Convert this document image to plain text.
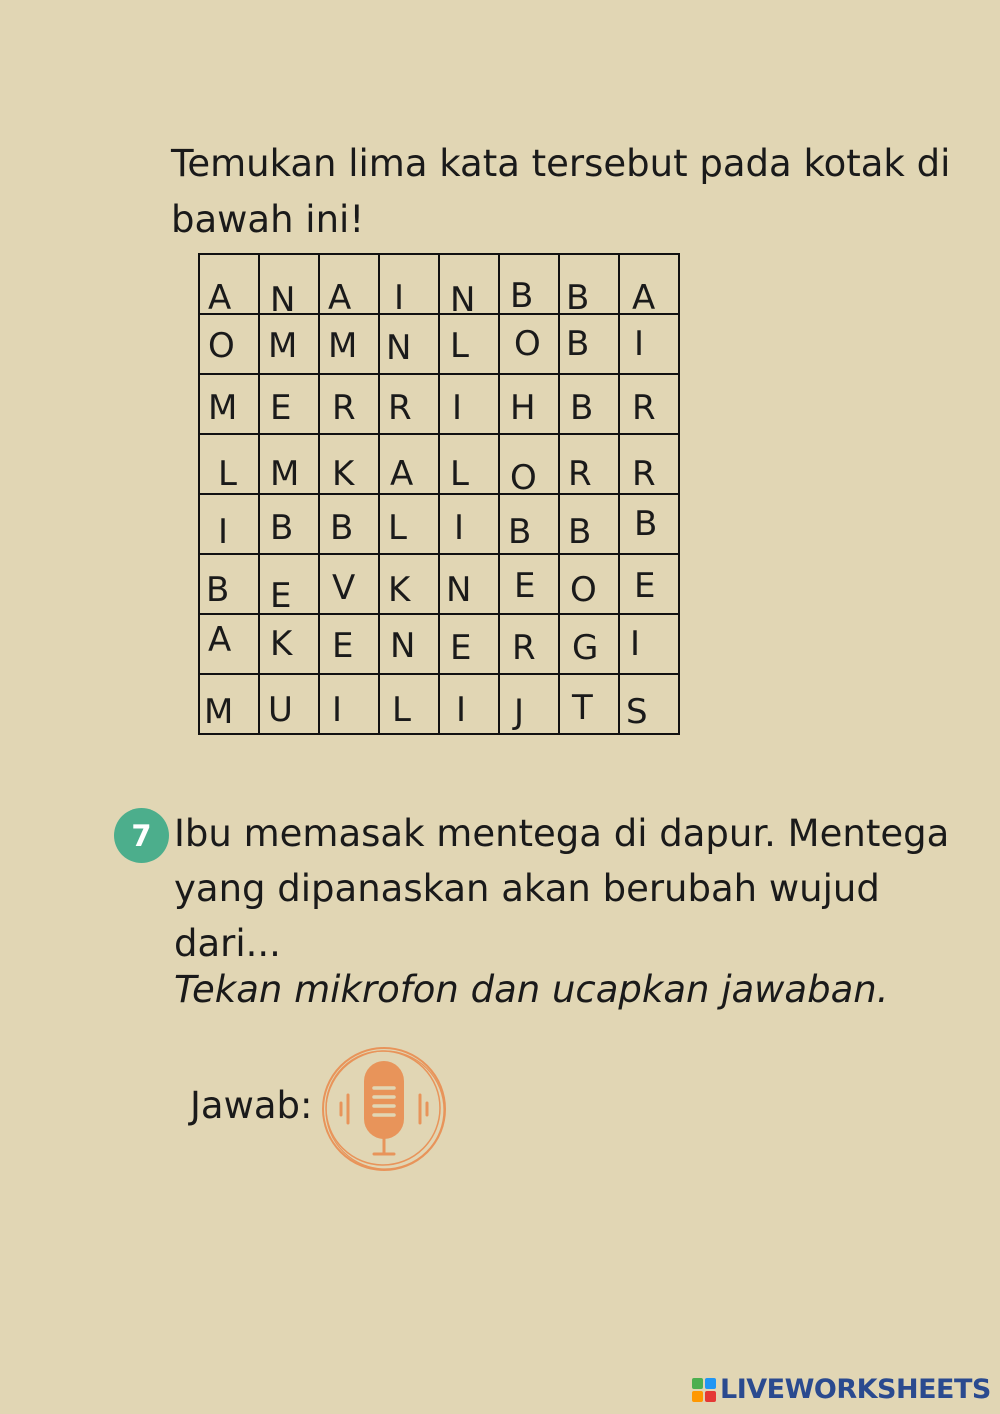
Temukan lima kata tersebut pada kotak di bawah ini!

A	N	A	I	N	B	B	A

O	M	M	N	L	O	B	I

M	E	R	R	I	H	B	R

L	M	K	A	L	O	R	R

I	B	B	L	I	B	B	B

B	E	V	K	N	E	O	E

A	K	E	N	E	R	G	I

M	U	I	L	I	J	T	S
7 Ibu memasak mentega di dapur. Mentega yang dipanaskan akan berubah wujud dari...

Tekan mikrofon dan ucapkan jawaban.

Jawab:
LIVEWORKSHEETS
